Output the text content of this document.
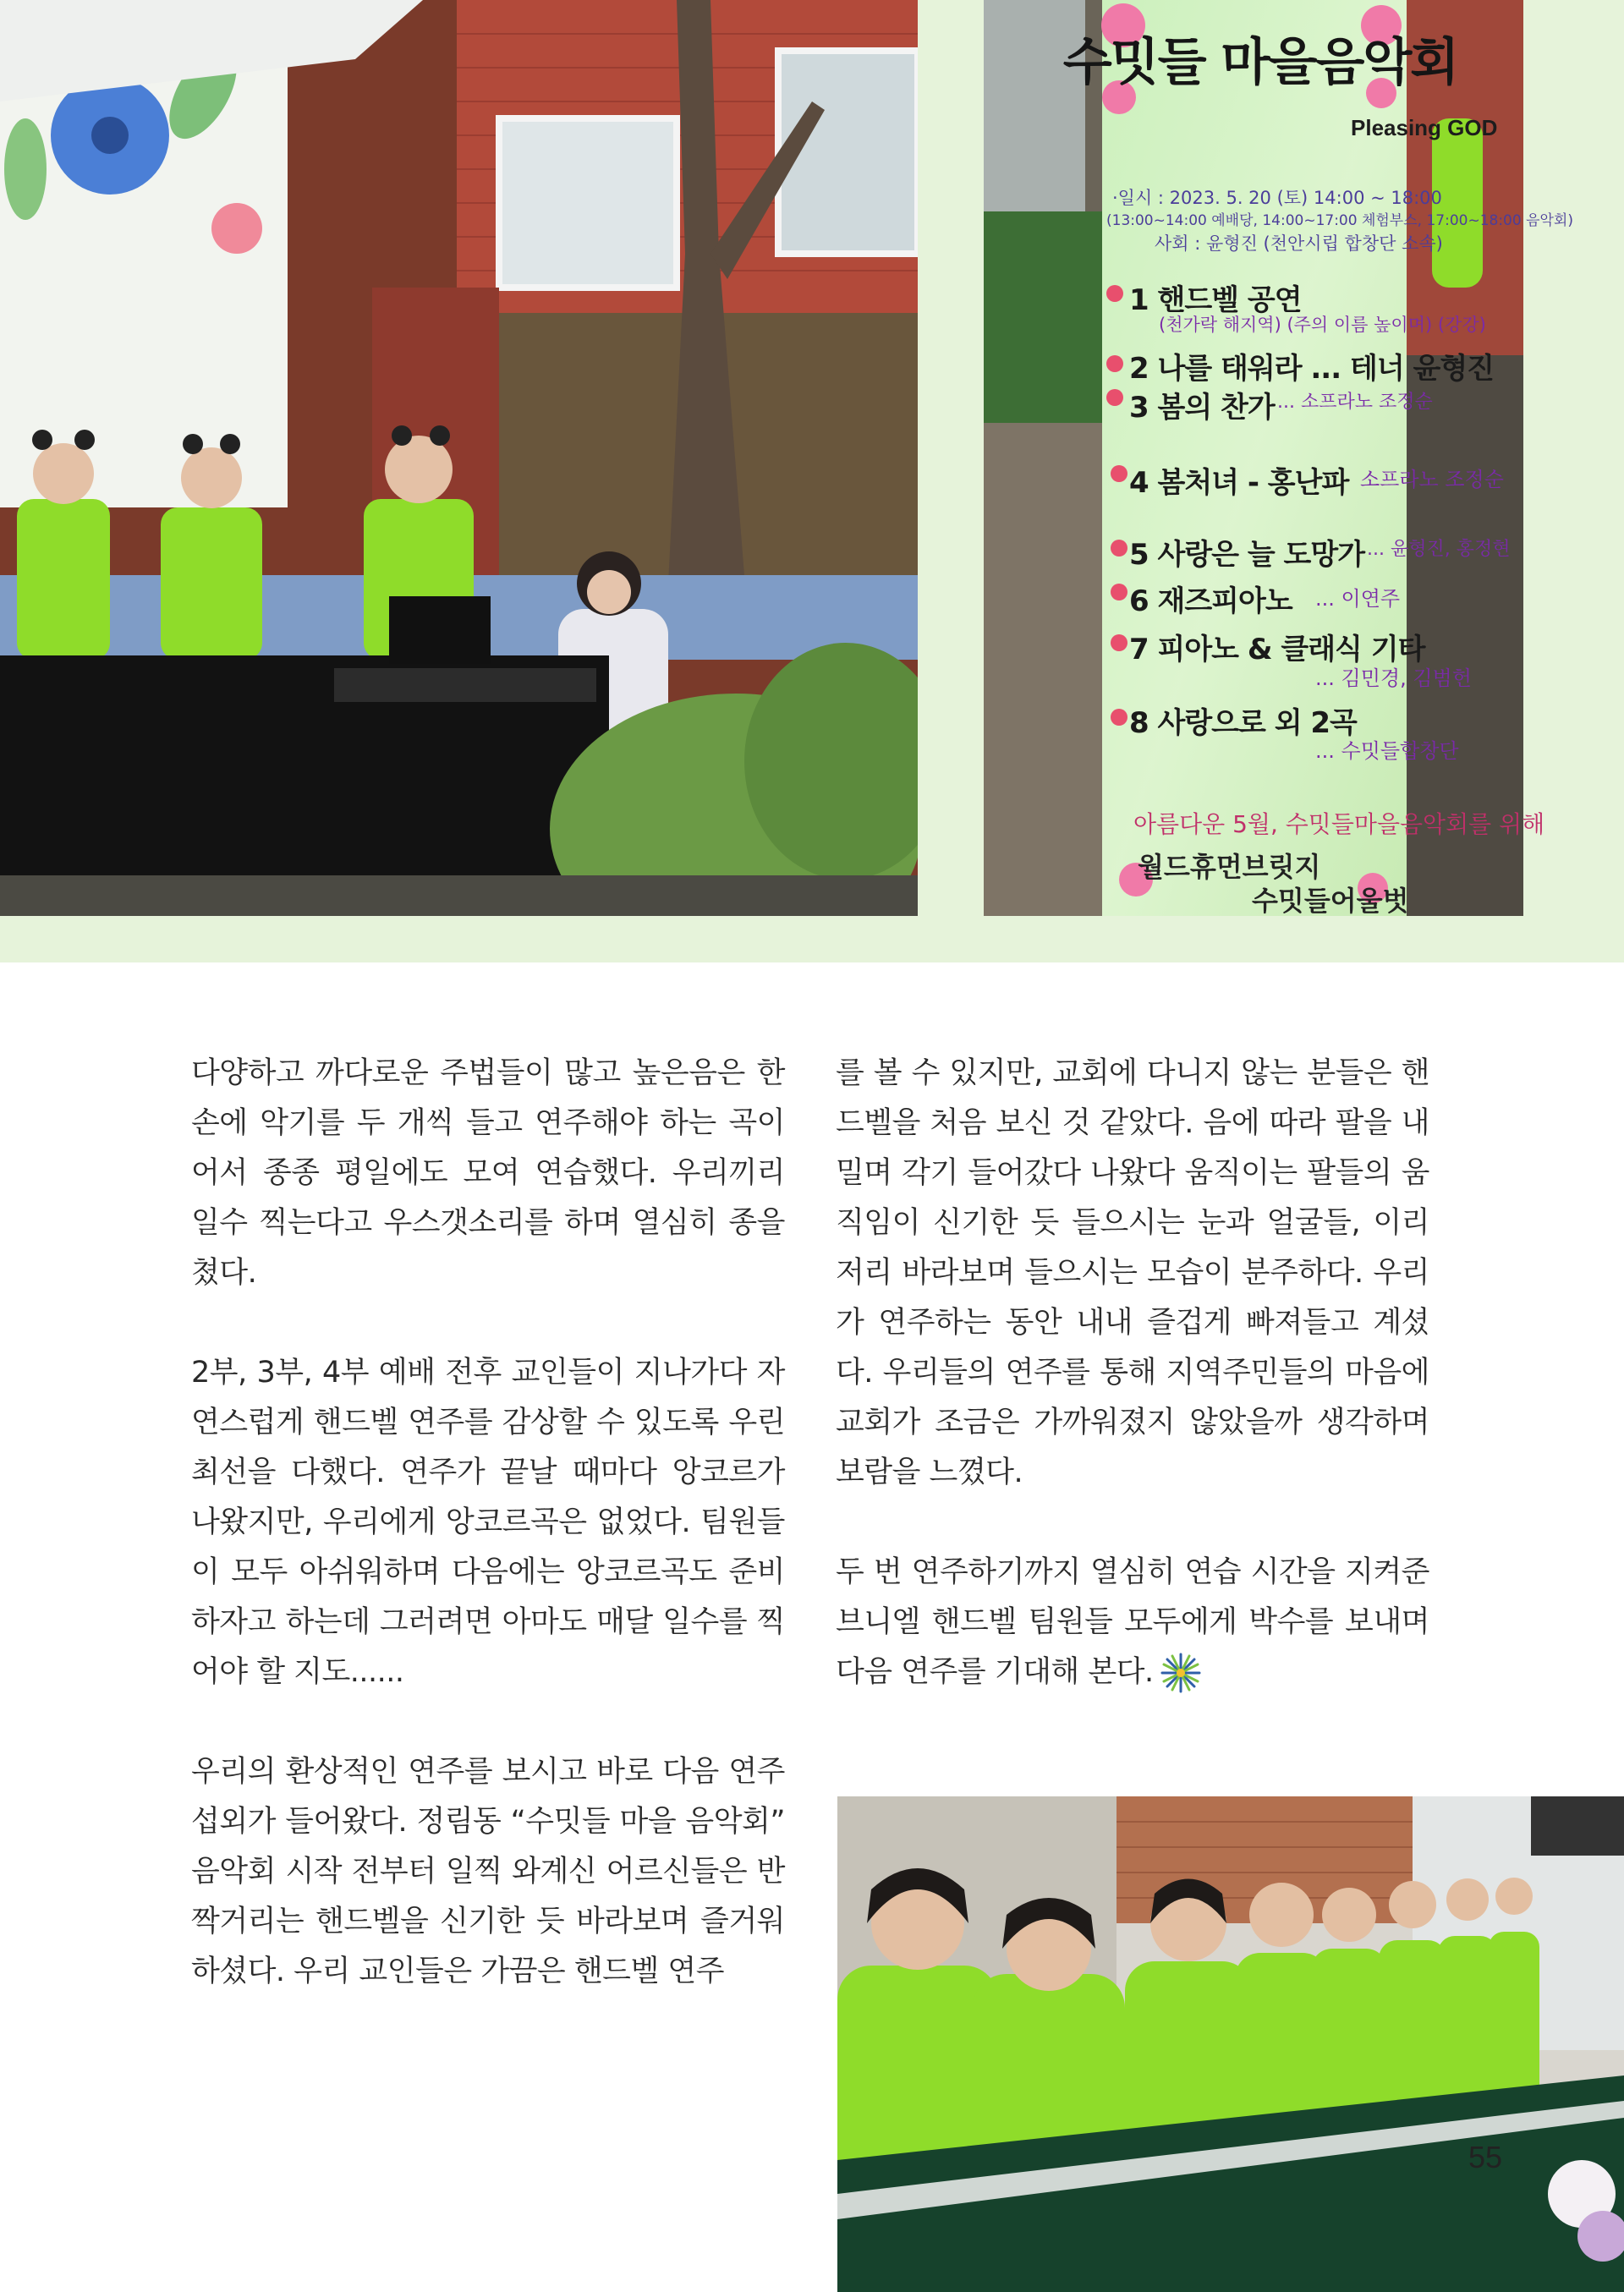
수밋들 마을음악회
Pleasing GOD
·일시 : 2023. 5. 20 (토) 14:00 ~ 18:00
(13:00~14:00 예배당, 14:00~17:00 체험부스, 17:00~18:00 음악회)
사회 : 윤형진 (천안시립 합창단 소속)
1 핸드벨 공연
(천가락 해지역) (주의 이름 높이며) (강강)
2 나를 태워라 ... 테너 윤형진
3 봄의 찬가 ... 소프라노 조정순
4 봄처녀 - 홍난파 소프라노 조정순
5 사랑은 늘 도망가 ... 윤형진, 홍정현
6 재즈피아노 ... 이연주
7 피아노 & 클래식 기타
... 김민경, 김범헌
8 사랑으로 외 2곡
... 수밋들합창단
아름다운 5월, 수밋들마을음악회를 위해
월드휴먼브릿지
수밋들어울벗

다양하고 까다로운 주법들이 많고 높은음은 한 손에 악기를 두 개씩 들고 연주해야 하는 곡이어서 종종 평일에도 모여 연습했다. 우리끼리 일수 찍는다고 우스갯소리를 하며 열심히 종을 쳤다.

2부, 3부, 4부 예배 전후 교인들이 지나가다 자연스럽게 핸드벨 연주를 감상할 수 있도록 우린 최선을 다했다. 연주가 끝날 때마다 앙코르가 나왔지만, 우리에게 앙코르곡은 없었다. 팀원들이 모두 아쉬워하며 다음에는 앙코르곡도 준비하자고 하는데 그러려면 아마도 매달 일수를 찍어야 할 지도......

우리의 환상적인 연주를 보시고 바로 다음 연주 섭외가 들어왔다. 정림동 “수밋들 마을 음악회” 음악회 시작 전부터 일찍 와계신 어르신들은 반짝거리는 핸드벨을 신기한 듯 바라보며 즐거워하셨다. 우리 교인들은 가끔은 핸드벨 연주

를 볼 수 있지만, 교회에 다니지 않는 분들은 핸드벨을 처음 보신 것 같았다. 음에 따라 팔을 내밀며 각기 들어갔다 나왔다 움직이는 팔들의 움직임이 신기한 듯 들으시는 눈과 얼굴들, 이리저리 바라보며 들으시는 모습이 분주하다. 우리가 연주하는 동안 내내 즐겁게 빠져들고 계셨다. 우리들의 연주를 통해 지역주민들의 마음에 교회가 조금은 가까워졌지 않았을까 생각하며 보람을 느꼈다.

두 번 연주하기까지 열심히 연습 시간을 지켜준 브니엘 핸드벨 팀원들 모두에게 박수를 보내며 다음 연주를 기대해 본다.

55
